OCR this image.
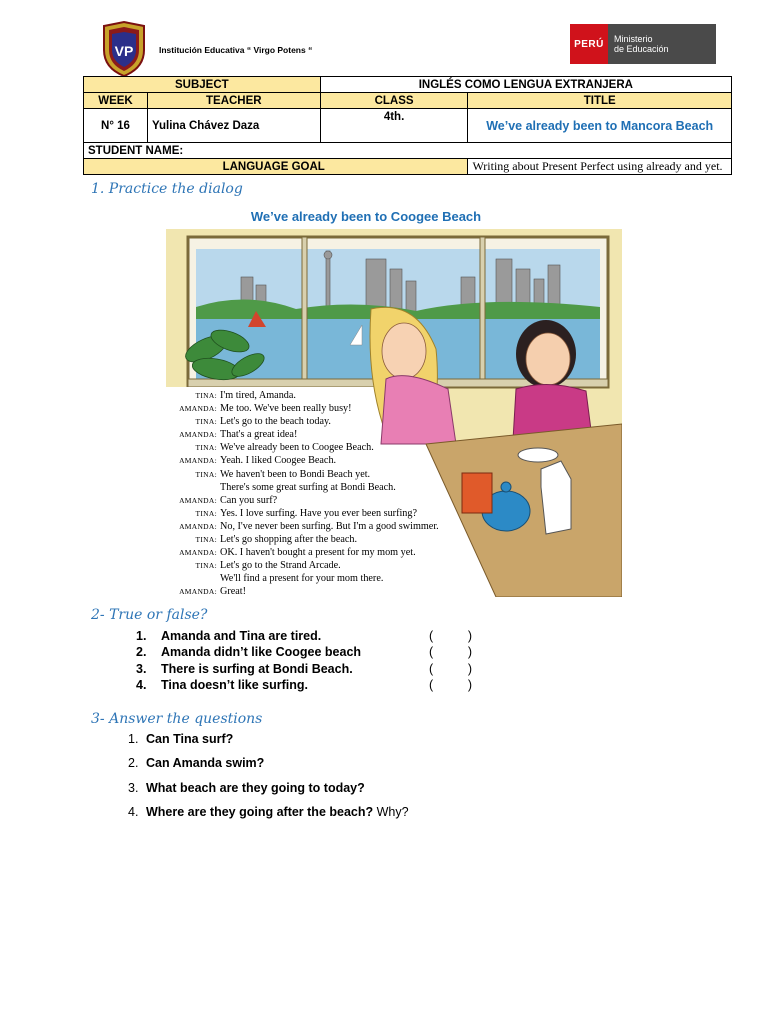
VP	Institución Educativa “ Virgo Potens “
PERÚ	Ministerio
de Educación
SUBJECT		INGLÉS COMO LENGUA EXTRANJERA	
WEEK	TEACHER	CLASS	TITLE
N° 16	Yulina Chávez Daza	4th.	We’ve already been to Mancora Beach
STUDENT NAME:			
LANGUAGE GOAL			Writing about Present Perfect using already and yet.
1. Practice the dialog
We’ve already been to Coogee Beach
TINA: I'm tired, Amanda.
AMANDA: Me too. We've been really busy!
TINA: Let's go to the beach today.
AMANDA: That's a great idea!
TINA: We've already been to Coogee Beach.
AMANDA: Yeah. I liked Coogee Beach.
TINA: We haven't been to Bondi Beach yet.
There's some great surfing at Bondi Beach.
AMANDA: Can you surf?
TINA: Yes. I love surfing. Have you ever been surfing?
AMANDA: No, I've never been surfing. But I'm a good swimmer.
TINA: Let's go shopping after the beach.
AMANDA: OK. I haven't bought a present for my mom yet.
TINA: Let's go to the Strand Arcade.
We'll find a present for your mom there.
AMANDA: Great!
2- True or false?
1.	Amanda and Tina are tired.	(          )
2.	Amanda didn’t like Coogee beach	(          )
3.	There is surfing at Bondi Beach.	(          )
4.	Tina doesn’t like surfing.	(          )
3- Answer the questions
1. Can Tina surf?
2. Can Amanda swim?
3. What beach are they going to today?
4. Where are they going after the beach? Why?
